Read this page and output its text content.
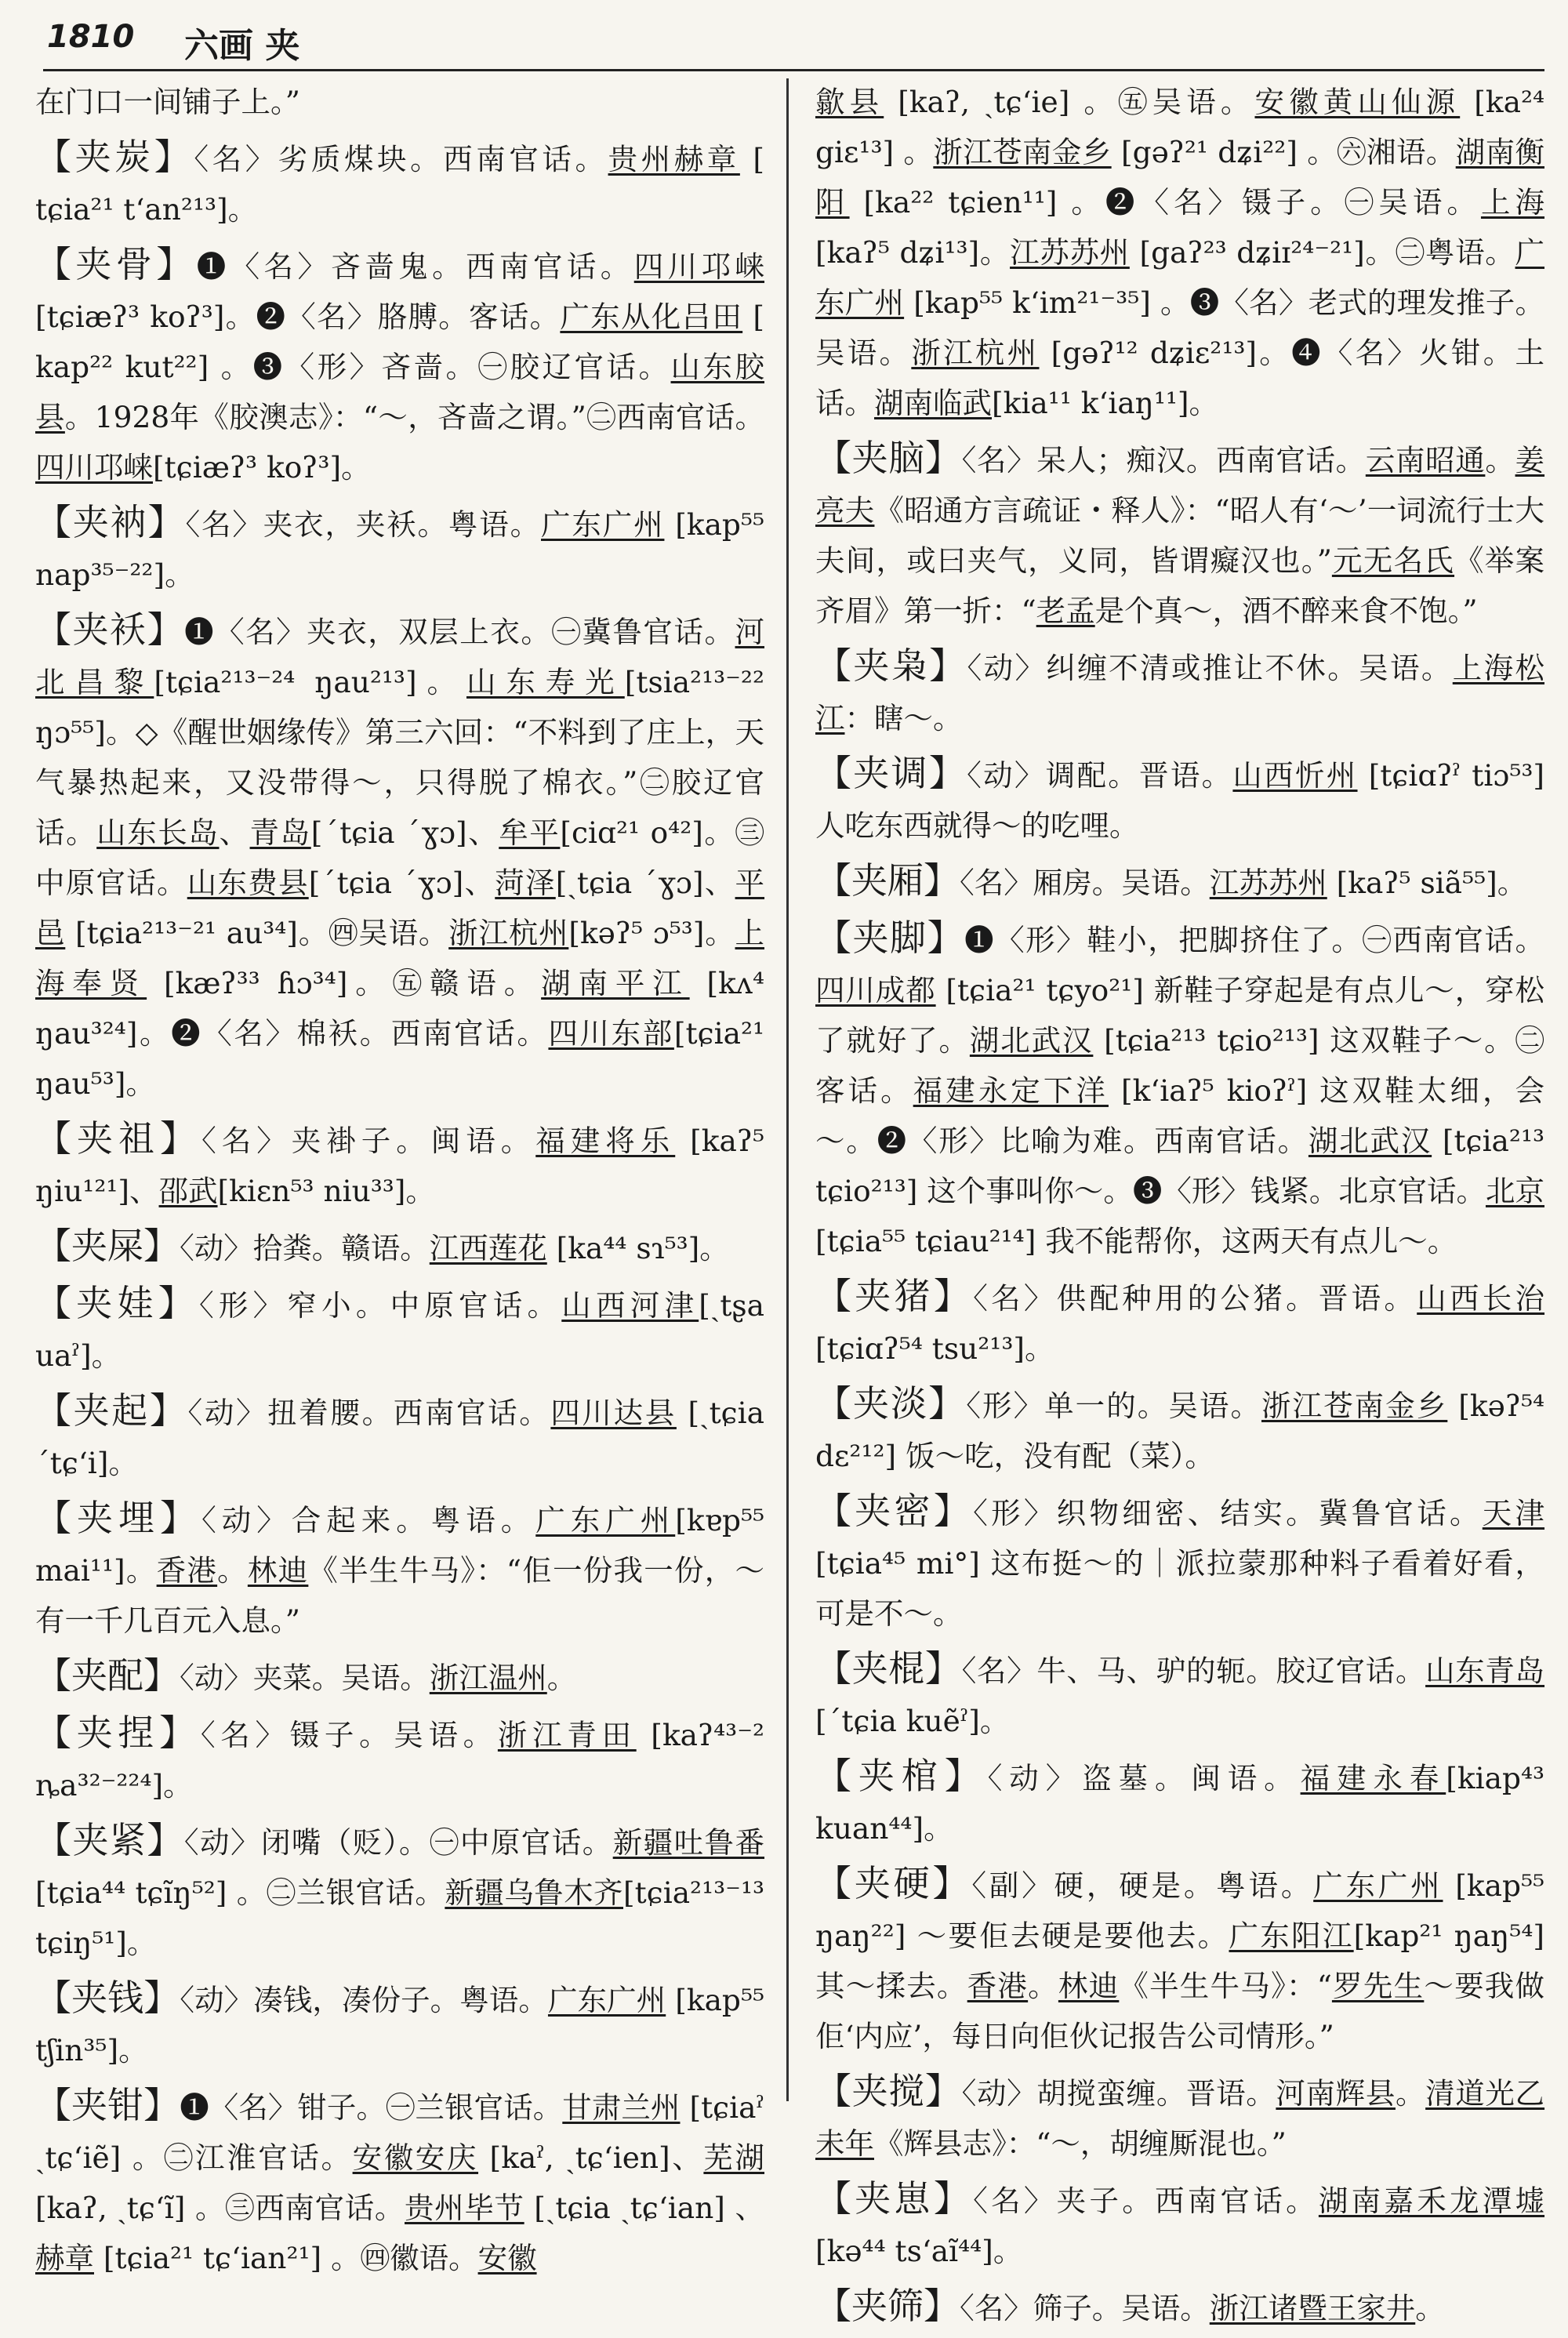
1810 六画 夹

在门口一间铺子上。”

【夹炭】〈名〉劣质煤块。西南官话。贵州赫章 [ tɕia²¹ tʻan²¹³]。

【夹骨】❶〈名〉吝啬鬼。西南官话。四川邛崃 [tɕiæʔ³ koʔ³]。❷〈名〉胳膊。客话。广东从化吕田 [ kap²² kut²²] 。❸〈形〉吝啬。㊀胶辽官话。山东胶县。1928年《胶澳志》：“～，吝啬之谓。”㊁西南官话。四川邛崃[tɕiæʔ³ koʔ³]。

【夹衲】〈名〉夹衣，夹袄。粤语。广东广州 [kap⁵⁵ nap³⁵⁻²²]。

【夹袄】❶〈名〉夹衣，双层上衣。㊀冀鲁官话。河北昌黎[tɕia²¹³⁻²⁴ ŋau²¹³]。山东寿光[tsia²¹³⁻²² ŋɔ⁵⁵]。◇《醒世姻缘传》第三六回：“不料到了庄上，天气暴热起来，又没带得～，只得脱了棉衣。”㊁胶辽官话。山东长岛、青岛[ˊtɕia ˊɣɔ]、牟平[ciɑ²¹ o⁴²]。㊂中原官话。山东费县[ˊtɕia ˊɣɔ]、菏泽[ˏtɕia ˊɣɔ]、平邑 [tɕia²¹³⁻²¹ au³⁴]。㊃吴语。浙江杭州[kəʔ⁵ ɔ⁵³]。上海奉贤 [kæʔ³³ ɦɔ³⁴]。㊄赣语。湖南平江 [kʌ⁴ ŋau³²⁴]。❷〈名〉棉袄。西南官话。四川东部[tɕia²¹ ŋau⁵³]。

【夹祖】〈名〉夹褂子。闽语。福建将乐 [kaʔ⁵ ŋiu¹²¹]、邵武[kiɛn⁵³ niu³³]。

【夹屎】〈动〉拾粪。赣语。江西莲花 [ka⁴⁴ sɿ⁵³]。

【夹娃】〈形〉窄小。中原官话。山西河津[ˏtʂa uaˀ]。

【夹起】〈动〉扭着腰。西南官话。四川达县 [ˏtɕia ˊtɕʻi]。

【夹埋】〈动〉合起来。粤语。广东广州[kɐp⁵⁵ mai¹¹]。香港。林迪《半生牛马》：“佢一份我一份，～有一千几百元入息。”

【夹配】〈动〉夹菜。吴语。浙江温州。

【夹捏】〈名〉镊子。吴语。浙江青田 [kaʔ⁴³⁻² ȵa³²⁻²²⁴]。

【夹紧】〈动〉闭嘴（贬）。㊀中原官话。新疆吐鲁番[tɕia⁴⁴ tɕĩŋ⁵²] 。㊁兰银官话。新疆乌鲁木齐[tɕia²¹³⁻¹³ tɕiŋ⁵¹]。

【夹钱】〈动〉凑钱，凑份子。粤语。广东广州 [kap⁵⁵ tʃin³⁵]。

【夹钳】❶〈名〉钳子。㊀兰银官话。甘肃兰州 [tɕiaˀ ˏtɕʻiẽ] 。㊁江淮官话。安徽安庆 [kaˀ, ˏtɕʻien]、芜湖 [kaʔ, ˏtɕʻĩ] 。㊂西南官话。贵州毕节 [ˏtɕia ˏtɕʻian] 、赫章 [tɕia²¹ tɕʻian²¹] 。㊃徽语。安徽

歙县 [kaʔ, ˏtɕʻie] 。㊄吴语。安徽黄山仙源 [ka²⁴ giɛ¹³] 。浙江苍南金乡 [gəʔ²¹ dʑi²²] 。㊅湘语。湖南衡阳 [ka²² tɕien¹¹] 。❷〈名〉镊子。㊀吴语。上海 [kaʔ⁵ dʑi¹³]。江苏苏州 [gaʔ²³ dʑiɪ²⁴⁻²¹]。㊁粤语。广东广州 [kap⁵⁵ kʻim²¹⁻³⁵] 。❸〈名〉老式的理发推子。吴语。浙江杭州 [gəʔ¹² dʑiɛ²¹³]。❹〈名〉火钳。土话。湖南临武[kia¹¹ kʻiaŋ¹¹]。

【夹脑】〈名〉呆人；痴汉。西南官话。云南昭通。姜亮夫《昭通方言疏证・释人》：“昭人有‘～’一词流行士大夫间，或曰夹气，义同，皆谓癡汉也。”元无名氏《举案齐眉》第一折：“老孟是个真～，酒不醉来食不饱。”

【夹枭】〈动〉纠缠不清或推让不休。吴语。上海松江：瞎～。

【夹调】〈动〉调配。晋语。山西忻州 [tɕiɑʔˀ tiɔ⁵³] 人吃东西就得～的吃哩。

【夹厢】〈名〉厢房。吴语。江苏苏州 [kaʔ⁵ siã⁵⁵]。

【夹脚】❶〈形〉鞋小，把脚挤住了。㊀西南官话。四川成都 [tɕia²¹ tɕyo²¹] 新鞋子穿起是有点儿～，穿松了就好了。湖北武汉 [tɕia²¹³ tɕio²¹³] 这双鞋子～。㊁客话。福建永定下洋 [kʻiaʔ⁵ kioʔˀ] 这双鞋太细，会～。❷〈形〉比喻为难。西南官话。湖北武汉 [tɕia²¹³ tɕio²¹³] 这个事叫你～。❸〈形〉钱紧。北京官话。北京 [tɕia⁵⁵ tɕiau²¹⁴] 我不能帮你，这两天有点儿～。

【夹猪】〈名〉供配种用的公猪。晋语。山西长治[tɕiɑʔ⁵⁴ tsu²¹³]。

【夹淡】〈形〉单一的。吴语。浙江苍南金乡 [kəʔ⁵⁴ dɛ²¹²] 饭～吃，没有配（菜）。

【夹密】〈形〉织物细密、结实。冀鲁官话。天津[tɕia⁴⁵ mi°] 这布挺～的｜派拉蒙那种料子看着好看，可是不～。

【夹棍】〈名〉牛、马、驴的轭。胶辽官话。山东青岛 [ˊtɕia kuẽˀ]。

【夹棺】〈动〉盗墓。闽语。福建永春[kiap⁴³ kuan⁴⁴]。

【夹硬】〈副〉硬，硬是。粤语。广东广州 [kap⁵⁵ ŋaŋ²²] ～要佢去硬是要他去。广东阳江[kap²¹ ŋaŋ⁵⁴] 其～揉去。香港。林迪《半生牛马》：“罗先生～要我做佢‘内应’，每日向佢伙记报告公司情形。”

【夹搅】〈动〉胡搅蛮缠。晋语。河南辉县。清道光乙未年《辉县志》：“～，胡缠厮混也。”

【夹崽】〈名〉夹子。西南官话。湖南嘉禾龙潭墟 [kə⁴⁴ tsʻaĩ⁴⁴]。

【夹筛】〈名〉筛子。吴语。浙江诸暨王家井。
